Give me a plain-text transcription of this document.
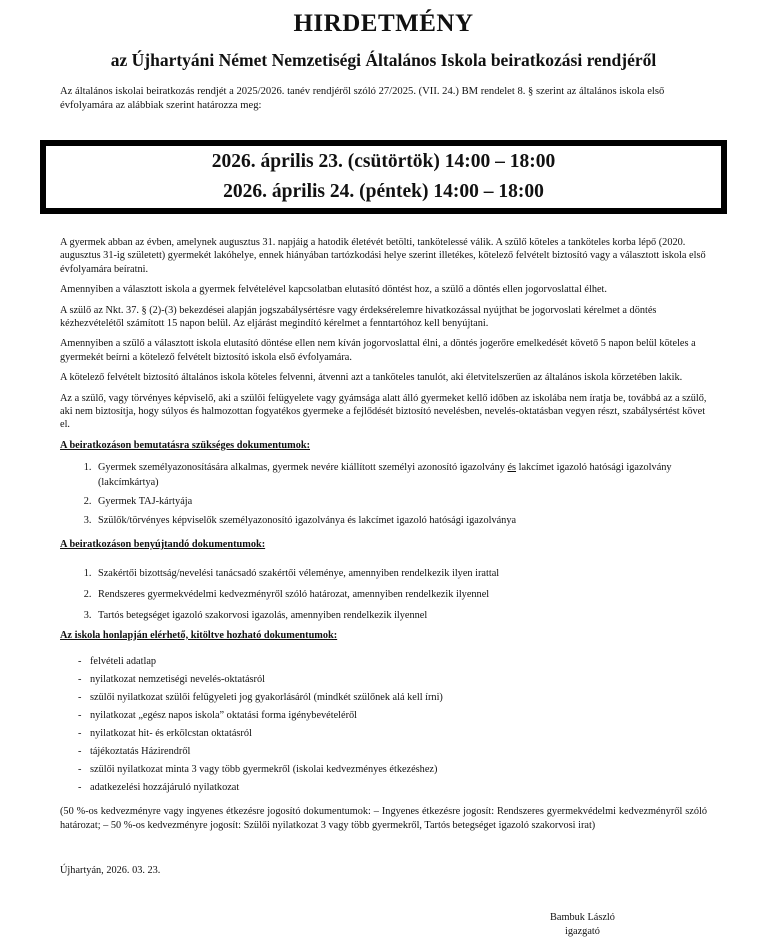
HIRDETMÉNY
az Újhartyáni Német Nemzetiségi Általános Iskola beiratkozási rendjéről
Az általános iskolai beiratkozás rendjét a 2025/2026. tanév rendjéről szóló 27/2025. (VII. 24.) BM rendelet 8. § szerint az általános iskola első évfolyamára az alábbiak szerint határozza meg:
2026. április 23. (csütörtök) 14:00 – 18:00
2026. április 24. (péntek) 14:00 – 18:00

A gyermek abban az évben, amelynek augusztus 31. napjáig a hatodik életévét betölti, tankötelessé válik. A szülő köteles a tanköteles korba lépő (2020. augusztus 31-ig született) gyermekét lakóhelye, ennek hiányában tartózkodási helye szerint illetékes, kötelező felvételt biztosító vagy a választott iskola első évfolyamára beíratni.

Amennyiben a választott iskola a gyermek felvételével kapcsolatban elutasító döntést hoz, a szülő a döntés ellen jogorvoslattal élhet.

A szülő az Nkt. 37. § (2)-(3) bekezdései alapján jogszabálysértésre vagy érdeksérelemre hivatkozással nyújthat be jogorvoslati kérelmet a döntés kézhezvételétől számított 15 napon belül. Az eljárást megindító kérelmet a fenntartóhoz kell benyújtani.

Amennyiben a szülő a választott iskola elutasító döntése ellen nem kíván jogorvoslattal élni, a döntés jogerőre emelkedését követő 5 napon belül köteles a gyermekét beírni a kötelező felvételt biztosító iskola első évfolyamára.

A kötelező felvételt biztosító általános iskola köteles felvenni, átvenni azt a tanköteles tanulót, aki életvitelszerűen az általános iskola körzetében lakik.

Az a szülő, vagy törvényes képviselő, aki a szülői felügyelete vagy gyámsága alatt álló gyermeket kellő időben az iskolába nem íratja be, továbbá az a szülő, aki nem biztosítja, hogy súlyos és halmozottan fogyatékos gyermeke a fejlődését biztosító nevelésben, nevelés-oktatásban vegyen részt, szabálysértést követ el.

A beiratkozáson bemutatásra szükséges dokumentumok:
1. Gyermek személyazonosítására alkalmas, gyermek nevére kiállított személyi azonosító igazolvány és lakcímet igazoló hatósági igazolvány (lakcímkártya)
2. Gyermek TAJ-kártyája
3. Szülők/törvényes képviselők személyazonosító igazolványa és lakcímet igazoló hatósági igazolványa
A beiratkozáson benyújtandó dokumentumok:
1. Szakértői bizottság/nevelési tanácsadó szakértői véleménye, amennyiben rendelkezik ilyen irattal
2. Rendszeres gyermekvédelmi kedvezményről szóló határozat, amennyiben rendelkezik ilyennel
3. Tartós betegséget igazoló szakorvosi igazolás, amennyiben rendelkezik ilyennel
Az iskola honlapján elérhető, kitöltve hozható dokumentumok:
- felvételi adatlap
- nyilatkozat nemzetiségi nevelés-oktatásról
- szülői nyilatkozat szülői felügyeleti jog gyakorlásáról (mindkét szülőnek alá kell írni)
- nyilatkozat „egész napos iskola” oktatási forma igénybevételéről
- nyilatkozat hit- és erkölcstan oktatásról
- tájékoztatás Házirendről
- szülői nyilatkozat minta 3 vagy több gyermekről (iskolai kedvezményes étkezéshez)
- adatkezelési hozzájáruló nyilatkozat

(50 %-os kedvezményre vagy ingyenes étkezésre jogosító dokumentumok: – Ingyenes étkezésre jogosít: Rendszeres gyermekvédelmi kedvezményről szóló határozat; – 50 %-os kedvezményre jogosít: Szülői nyilatkozat 3 vagy több gyermekről, Tartós betegséget igazoló szakorvosi irat)

Újhartyán, 2026. 03. 23.
Bambuk László
igazgató
